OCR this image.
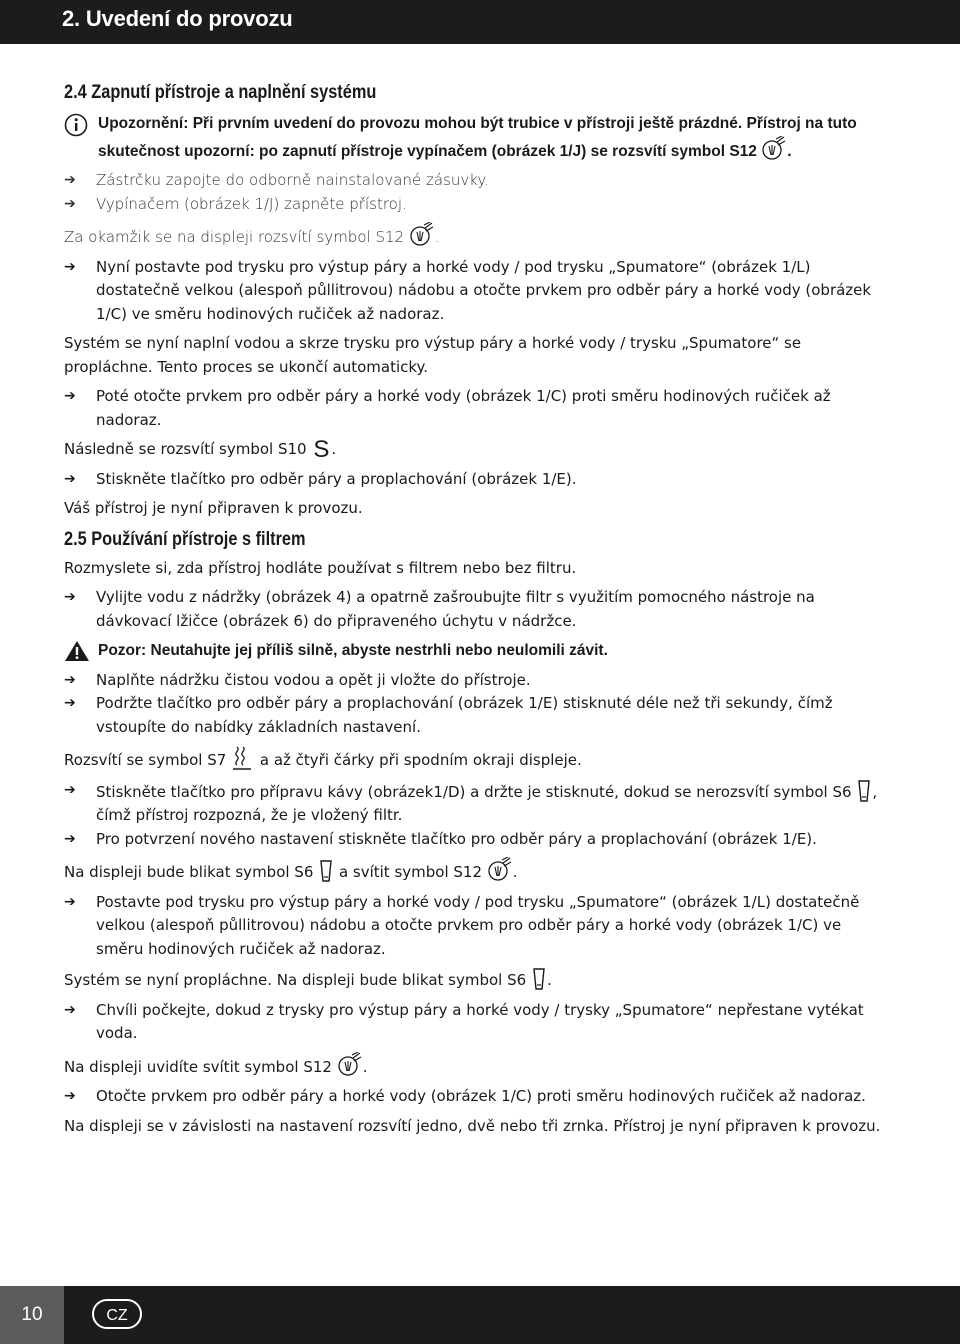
2. Uvedení do provozu
2.4 Zapnutí přístroje a naplnění systému
Upozornění: Při prvním uvedení do provozu mohou být trubice v přístroji ještě prázdné. Přístroj na tuto skutečnost upozorní: po zapnutí přístroje vypínačem (obrázek 1/J) se rozsvítí symbol S12 .
➔ Zástrčku zapojte do odborně nainstalované zásuvky.
➔ Vypínačem (obrázek 1/J) zapněte přístroj.

Za okamžik se na displeji rozsvítí symbol S12 .

➔ Nyní postavte pod trysku pro výstup páry a horké vody / pod trysku „Spumatore“ (obrázek 1/L) dostatečně velkou (alespoň půllitrovou) nádobu a otočte prvkem pro odběr páry a horké vody (obrázek 1/C) ve směru hodinových ručiček až nadoraz.

Systém se nyní naplní vodou a skrze trysku pro výstup páry a horké vody / trysku „Spumatore“ se propláchne. Tento proces se ukončí automaticky.

➔ Poté otočte prvkem pro odběr páry a horké vody (obrázek 1/C) proti směru hodinových ručiček až nadoraz.

Následně se rozsvítí symbol S10 S .

➔ Stiskněte tlačítko pro odběr páry a proplachování (obrázek 1/E).

Váš přístroj je nyní připraven k provozu.

2.5 Používání přístroje s filtrem

Rozmyslete si, zda přístroj hodláte používat s filtrem nebo bez filtru.

➔ Vylijte vodu z nádržky (obrázek 4) a opatrně zašroubujte filtr s využitím pomocného nástroje na dávkovací lžičce (obrázek 6) do připraveného úchytu v nádržce.
Pozor: Neutahujte jej příliš silně, abyste nestrhli nebo neulomili závit.
➔ Naplňte nádržku čistou vodou a opět ji vložte do přístroje.
➔ Podržte tlačítko pro odběr páry a proplachování (obrázek 1/E) stisknuté déle než tři sekundy, čímž vstoupíte do nabídky základních nastavení.

Rozsvítí se symbol S7 a až čtyři čárky při spodním okraji displeje.

➔ Stiskněte tlačítko pro přípravu kávy (obrázek1/D) a držte je stisknuté, dokud se nerozsvítí symbol S6 , čímž přístroj rozpozná, že je vložený filtr.
➔ Pro potvrzení nového nastavení stiskněte tlačítko pro odběr páry a proplachování (obrázek 1/E).

Na displeji bude blikat symbol S6 a svítit symbol S12 .

➔ Postavte pod trysku pro výstup páry a horké vody / pod trysku „Spumatore“ (obrázek 1/L) dostatečně velkou (alespoň půllitrovou) nádobu a otočte prvkem pro odběr páry a horké vody (obrázek 1/C) ve směru hodinových ručiček až nadoraz.

Systém se nyní propláchne. Na displeji bude blikat symbol S6 .

➔ Chvíli počkejte, dokud z trysky pro výstup páry a horké vody / trysky „Spumatore“ nepřestane vytékat voda.

Na displeji uvidíte svítit symbol S12 .

➔ Otočte prvkem pro odběr páry a horké vody (obrázek 1/C) proti směru hodinových ručiček až nadoraz.

Na displeji se v závislosti na nastavení rozsvítí jedno, dvě nebo tři zrnka. Přístroj je nyní připraven k provozu.

10	CZ
